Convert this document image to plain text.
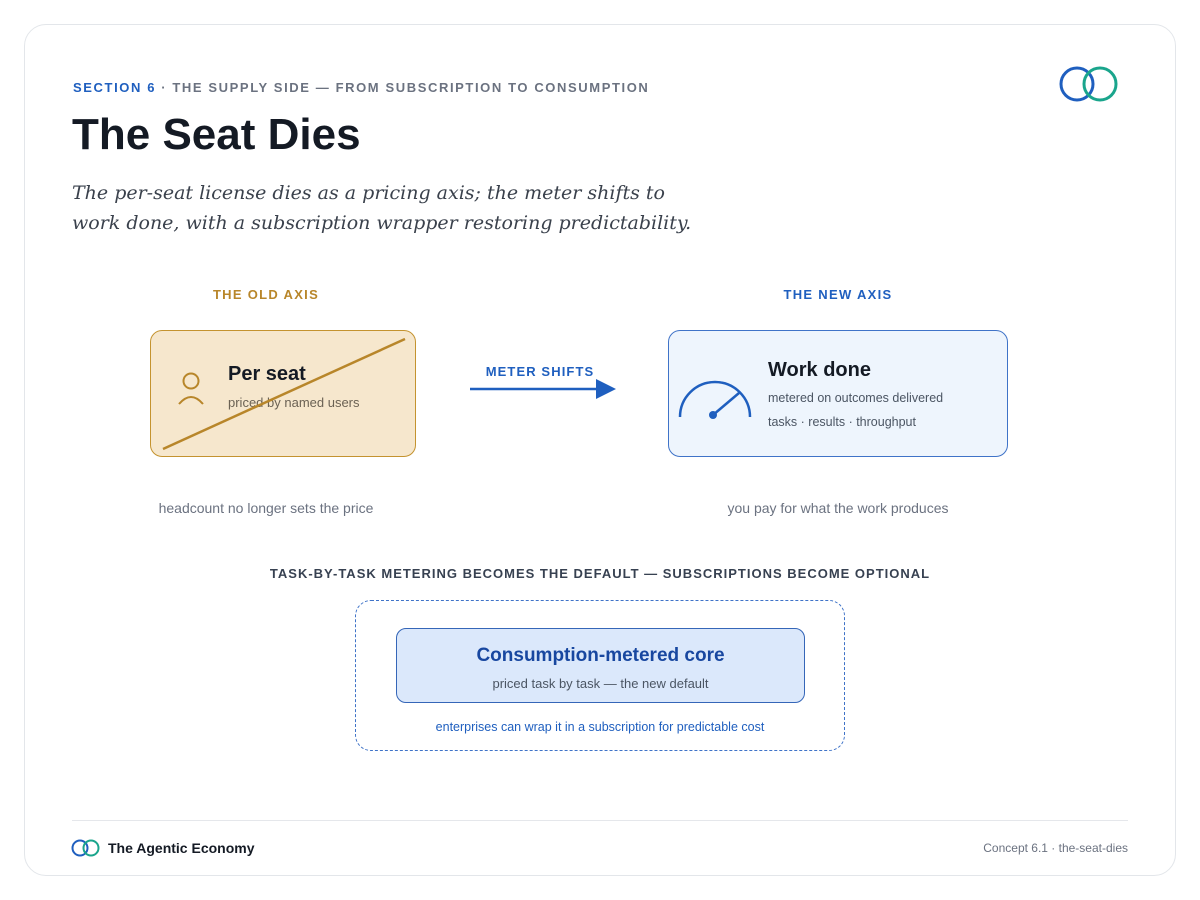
SECTION 6 · THE SUPPLY SIDE — FROM SUBSCRIPTION TO CONSUMPTION
The Seat Dies
The per-seat license dies as a pricing axis; the meter shifts to work done, with a subscription wrapper restoring predictability.
THE OLD AXIS	THE NEW AXIS
Per seat
priced by named users
METER SHIFTS	Work done
metered on outcomes delivered
tasks · results · throughput
headcount no longer sets the price	you pay for what the work produces
TASK-BY-TASK METERING BECOMES THE DEFAULT — SUBSCRIPTIONS BECOME OPTIONAL
Consumption-metered core
priced task by task — the new default
enterprises can wrap it in a subscription for predictable cost
The Agentic Economy	Concept 6.1 · the-seat-dies
